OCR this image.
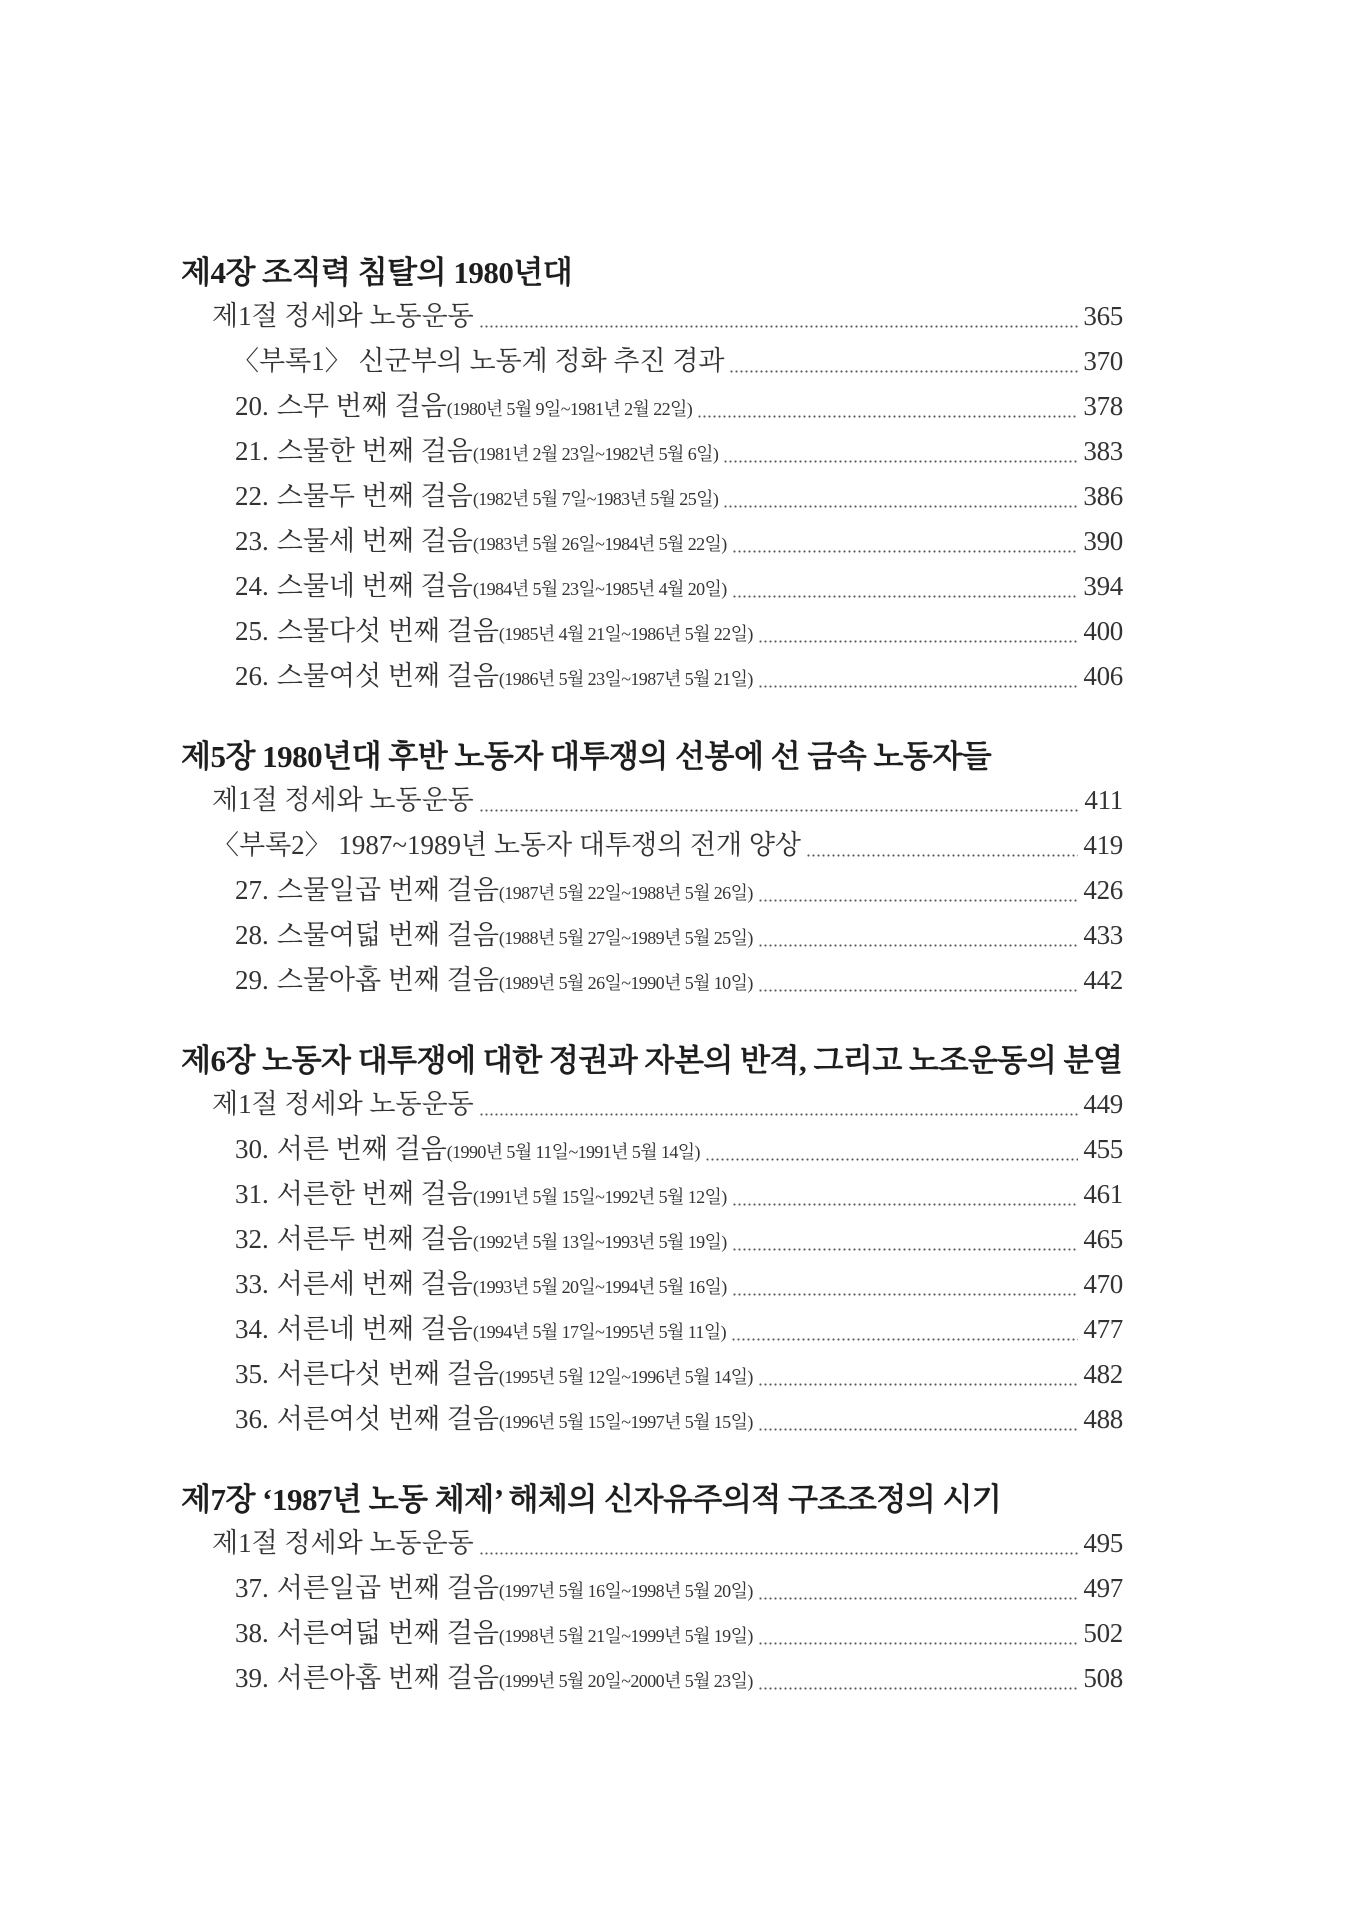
제4장 조직력 침탈의 1980년대
제1절 정세와 노동운동	365
〈부록1〉 신군부의 노동계 정화 추진 경과	370
20. 스무 번째 걸음 (1980년 5월 9일~1981년 2월 22일)	378
21. 스물한 번째 걸음 (1981년 2월 23일~1982년 5월 6일)	383
22. 스물두 번째 걸음 (1982년 5월 7일~1983년 5월 25일)	386
23. 스물세 번째 걸음 (1983년 5월 26일~1984년 5월 22일)	390
24. 스물네 번째 걸음 (1984년 5월 23일~1985년 4월 20일)	394
25. 스물다섯 번째 걸음 (1985년 4월 21일~1986년 5월 22일)	400
26. 스물여섯 번째 걸음 (1986년 5월 23일~1987년 5월 21일)	406
제5장 1980년대 후반 노동자 대투쟁의 선봉에 선 금속 노동자들
제1절 정세와 노동운동	411
〈부록2〉 1987~1989년 노동자 대투쟁의 전개 양상	419
27. 스물일곱 번째 걸음 (1987년 5월 22일~1988년 5월 26일)	426
28. 스물여덟 번째 걸음 (1988년 5월 27일~1989년 5월 25일)	433
29. 스물아홉 번째 걸음 (1989년 5월 26일~1990년 5월 10일)	442
제6장 노동자 대투쟁에 대한 정권과 자본의 반격, 그리고 노조운동의 분열
제1절 정세와 노동운동	449
30. 서른 번째 걸음 (1990년 5월 11일~1991년 5월 14일)	455
31. 서른한 번째 걸음 (1991년 5월 15일~1992년 5월 12일)	461
32. 서른두 번째 걸음 (1992년 5월 13일~1993년 5월 19일)	465
33. 서른세 번째 걸음 (1993년 5월 20일~1994년 5월 16일)	470
34. 서른네 번째 걸음 (1994년 5월 17일~1995년 5월 11일)	477
35. 서른다섯 번째 걸음 (1995년 5월 12일~1996년 5월 14일)	482
36. 서른여섯 번째 걸음 (1996년 5월 15일~1997년 5월 15일)	488
제7장 ‘1987년 노동 체제’ 해체의 신자유주의적 구조조정의 시기
제1절 정세와 노동운동	495
37. 서른일곱 번째 걸음 (1997년 5월 16일~1998년 5월 20일)	497
38. 서른여덟 번째 걸음 (1998년 5월 21일~1999년 5월 19일)	502
39. 서른아홉 번째 걸음 (1999년 5월 20일~2000년 5월 23일)	508
